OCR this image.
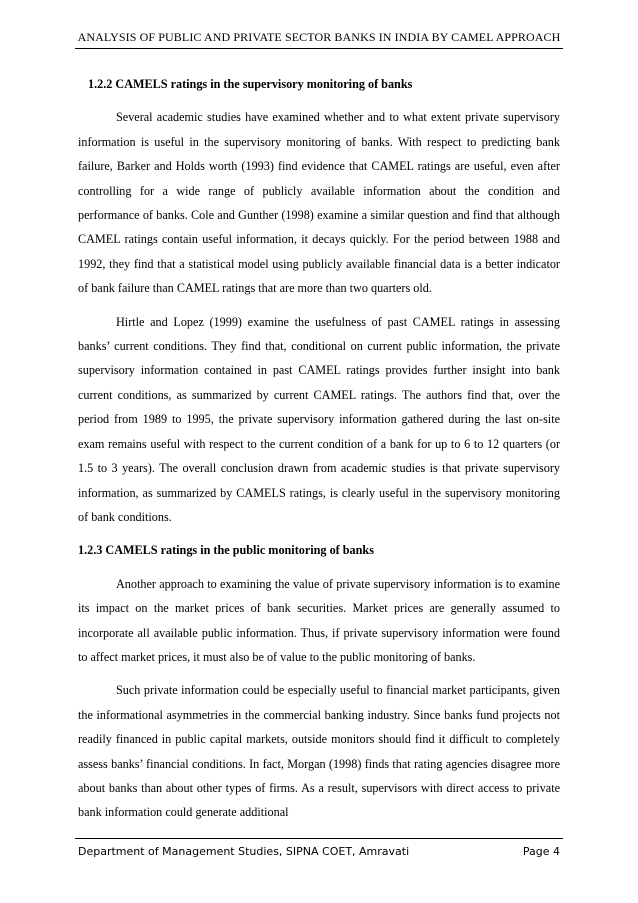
ANALYSIS OF PUBLIC AND PRIVATE SECTOR BANKS IN INDIA BY CAMEL APPROACH
1.2.2 CAMELS ratings in the supervisory monitoring of banks

Several academic studies have examined whether and to what extent private supervisory information is useful in the supervisory monitoring of banks. With respect to predicting bank failure, Barker and Holds worth (1993) find evidence that CAMEL ratings are useful, even after controlling for a wide range of publicly available information about the condition and performance of banks. Cole and Gunther (1998) examine a similar question and find that although CAMEL ratings contain useful information, it decays quickly. For the period between 1988 and 1992, they find that a statistical model using publicly available financial data is a better indicator of bank failure than CAMEL ratings that are more than two quarters old.

Hirtle and Lopez (1999) examine the usefulness of past CAMEL ratings in assessing banks’ current conditions. They find that, conditional on current public information, the private supervisory information contained in past CAMEL ratings provides further insight into bank current conditions, as summarized by current CAMEL ratings. The authors find that, over the period from 1989 to 1995, the private supervisory information gathered during the last on-site exam remains useful with respect to the current condition of a bank for up to 6 to 12 quarters (or 1.5 to 3 years). The overall conclusion drawn from academic studies is that private supervisory information, as summarized by CAMELS ratings, is clearly useful in the supervisory monitoring of bank conditions.

1.2.3 CAMELS ratings in the public monitoring of banks

Another approach to examining the value of private supervisory information is to examine its impact on the market prices of bank securities. Market prices are generally assumed to incorporate all available public information. Thus, if private supervisory information were found to affect market prices, it must also be of value to the public monitoring of banks.

Such private information could be especially useful to financial market participants, given the informational asymmetries in the commercial banking industry. Since banks fund projects not readily financed in public capital markets, outside monitors should find it difficult to completely assess banks’ financial conditions. In fact, Morgan (1998) finds that rating agencies disagree more about banks than about other types of firms. As a result, supervisors with direct access to private bank information could generate additional

Department of Management Studies, SIPNA COET, Amravati	Page 4
